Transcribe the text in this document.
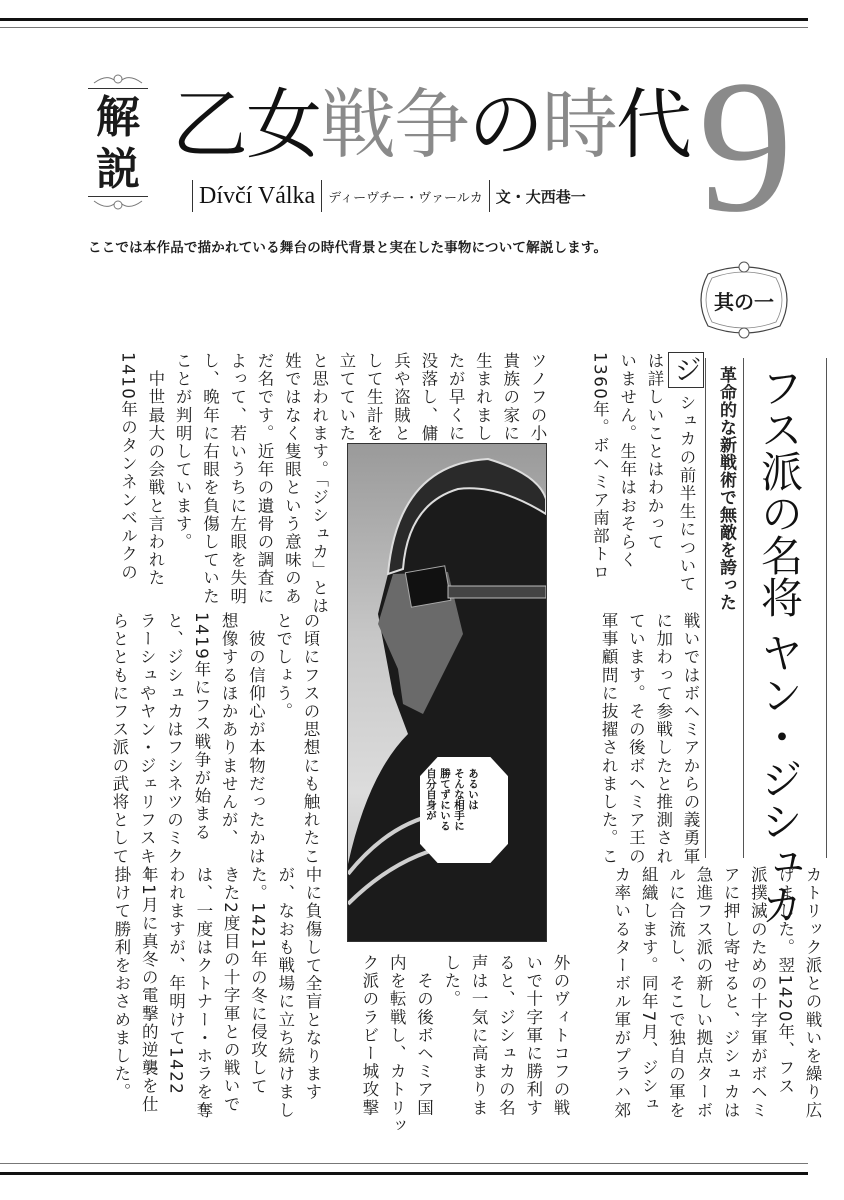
解説
乙女戦争の時代 9
Dívčí Válka ディーヴチー・ヴァールカ 文・大西巷一
ここでは本作品で描かれている舞台の時代背景と実在した事物について解説します。
其の一
フス派の名将 ヤン・ジシュカ
革命的な新戦術で無敵を誇った
ジシュカの前半生について
は詳しいことはわかって
いません。生年はおそらく
1360年。ボヘミア南部トロ
ツノフの小
貴族の家に
生まれまし
たが早くに
没落し、傭
兵や盗賊と
して生計を
立てていた
と思われます。「ジシュカ」とは
姓ではなく隻眼という意味のあ
だ名です。近年の遺骨の調査に
よって、若いうちに左眼を失明
し、晩年に右眼を負傷していた
ことが判明しています。
　中世最大の会戦と言われた
1410年のタンネンベルクの
戦いではボヘミアからの義勇軍
に加わって参戦したと推測され
ています。その後ボヘミア王の
軍事顧問に抜擢されました。こ
の頃にフスの思想にも触れたこ
とでしょう。
　彼の信仰心が本物だったかは
想像するほかありませんが、
1419年にフス戦争が始まる
と、ジシュカはフシネツのミク
ラーシュやヤン・ジェリフスキー
らとともにフス派の武将として	あるいは
そんな相手に
勝てずにいる
自分自身が
カトリック派との戦いを繰り広
げました。翌1420年、フス
派撲滅のための十字軍がボヘミ
アに押し寄せると、ジシュカは
急進フス派の新しい拠点ターボ
ルに合流し、そこで独自の軍を
組織します。同年7月、ジシュ
カ率いるターボル軍がプラハ郊
外のヴィトコフの戦
いで十字軍に勝利す
ると、ジシュカの名
声は一気に高まりま
した。
　その後ボヘミア国
内を転戦し、カトリッ
ク派のラビー城攻撃
中に負傷して全盲となります
が、なおも戦場に立ち続けまし
た。1421年の冬に侵攻して
きた2度目の十字軍との戦いで
は、一度はクトナー・ホラを奪
われますが、年明けて1422
年1月に真冬の電撃的逆襲を仕
掛けて勝利をおさめました。
